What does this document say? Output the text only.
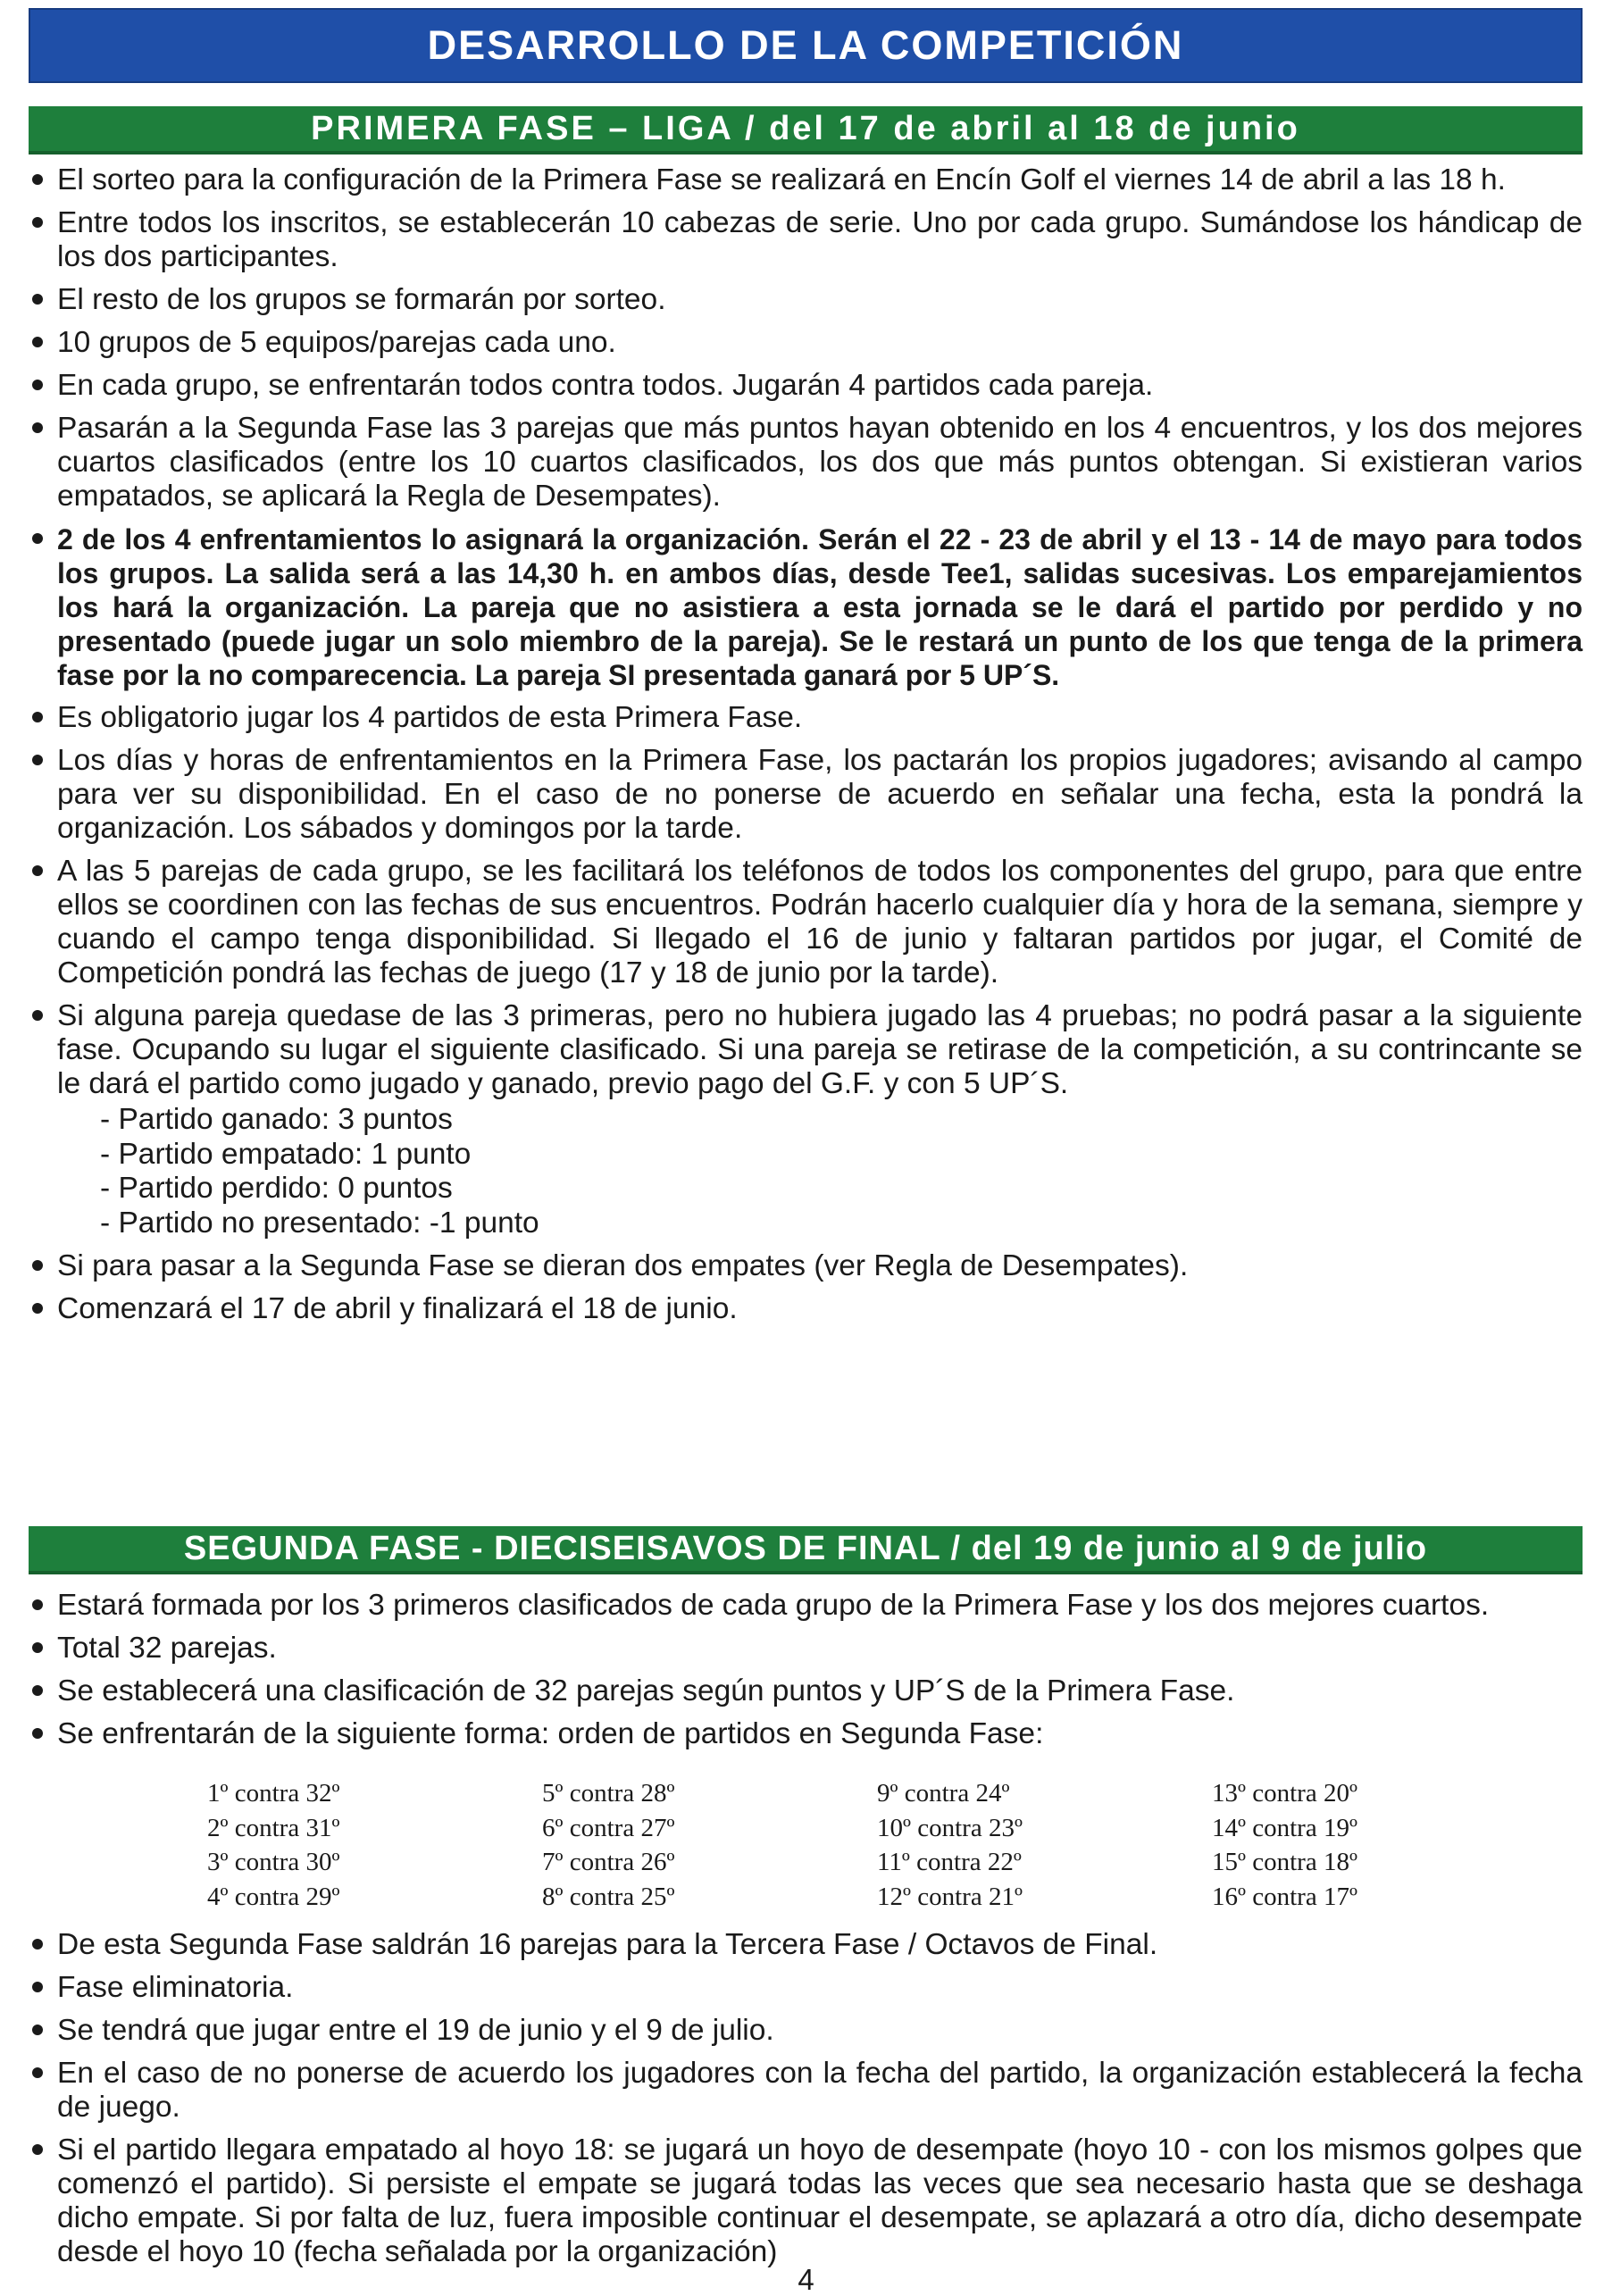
DESARROLLO DE LA COMPETICIÓN
PRIMERA FASE – LIGA / del 17 de abril al 18 de junio
El sorteo para la configuración de la Primera Fase se realizará en Encín Golf el viernes 14 de abril a las 18 h.
Entre todos los inscritos, se establecerán 10 cabezas de serie. Uno por cada grupo. Sumándose los hándicap de los dos participantes.
El resto de los grupos se formarán por sorteo.
10 grupos de 5 equipos/parejas cada uno.
En cada grupo, se enfrentarán todos contra todos. Jugarán 4 partidos cada pareja.
Pasarán a la Segunda Fase las 3 parejas que más puntos hayan obtenido en los 4 encuentros, y los dos mejores cuartos clasificados (entre los 10 cuartos clasificados, los dos que más puntos obtengan. Si existieran varios empatados, se aplicará la Regla de Desempates).
2 de los 4 enfrentamientos lo asignará la organización. Serán el 22 - 23 de abril y el 13 - 14 de mayo para todos los grupos. La salida será a las 14,30 h. en ambos días, desde Tee1, salidas sucesivas. Los emparejamientos los hará la organización. La pareja que no asistiera a esta jornada se le dará el partido por perdido y no presentado (puede jugar un solo miembro de la pareja). Se le restará un punto de los que tenga de la primera fase por la no comparecencia. La pareja SI presentada ganará por 5 UP´S.
Es obligatorio jugar los 4 partidos de esta Primera Fase.
Los días y horas de enfrentamientos en la Primera Fase, los pactarán los propios jugadores; avisando al campo para ver su disponibilidad. En el caso de no ponerse de acuerdo en señalar una fecha, esta la pondrá la organización. Los sábados y domingos por la tarde.
A las 5 parejas de cada grupo, se les facilitará los teléfonos de todos los componentes del grupo, para que entre ellos se coordinen con las fechas de sus encuentros. Podrán hacerlo cualquier día y hora de la semana, siempre y cuando el campo tenga disponibilidad. Si llegado el 16 de junio y faltaran partidos por jugar, el Comité de Competición pondrá las fechas de juego (17 y 18 de junio por la tarde).
Si alguna pareja quedase de las 3 primeras, pero no hubiera jugado las 4 pruebas; no podrá pasar a la siguiente fase. Ocupando su lugar el siguiente clasificado. Si una pareja se retirase de la competición, a su contrincante se le dará el partido como jugado y ganado, previo pago del G.F. y con 5 UP´S.
- Partido ganado: 3 puntos
- Partido empatado: 1 punto
- Partido perdido: 0 puntos
- Partido no presentado: -1 punto
Si para pasar a la Segunda Fase se dieran dos empates (ver Regla de Desempates).
Comenzará el 17 de abril y finalizará el 18 de junio.
SEGUNDA FASE - DIECISEISAVOS DE FINAL / del 19 de junio al 9 de julio
Estará formada por los 3 primeros clasificados de cada grupo de la Primera Fase y los dos mejores cuartos.
Total 32 parejas.
Se establecerá una clasificación de 32 parejas según puntos y UP´S de la Primera Fase.
Se enfrentarán de la siguiente forma: orden de partidos en Segunda Fase:
1º contra 32º
2º contra 31º
3º contra 30º
4º contra 29º
5º contra 28º
6º contra 27º
7º contra 26º
8º contra 25º
9º contra 24º
10º contra 23º
11º contra 22º
12º contra 21º
13º contra 20º
14º contra 19º
15º contra 18º
16º contra 17º
De esta Segunda Fase saldrán 16 parejas para la Tercera Fase / Octavos de Final.
Fase eliminatoria.
Se tendrá que jugar entre el 19 de junio y el 9 de julio.
En el caso de no ponerse de acuerdo los jugadores con la fecha del partido, la organización establecerá la fecha de juego.
Si el partido llegara empatado al hoyo 18: se jugará un hoyo de desempate (hoyo 10 - con los mismos golpes que comenzó el partido). Si persiste el empate se jugará todas las veces que sea necesario hasta que se deshaga dicho empate. Si por falta de luz, fuera imposible continuar el desempate, se aplazará a otro día, dicho desempate desde el hoyo 10 (fecha señalada por la organización)
4
